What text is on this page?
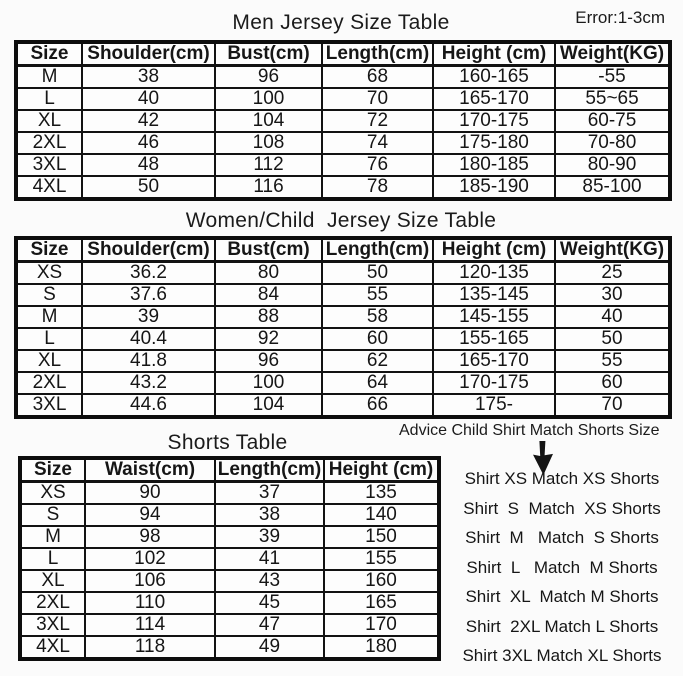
Men Jersey Size Table	Error:1-3cm
Size	Shoulder(cm)	Bust(cm)	Length(cm)	Height (cm)	Weight(KG)
M	38	96	68	160-165	-55
L	40	100	70	165-170	55~65
XL	42	104	72	170-175	60-75
2XL	46	108	74	175-180	70-80
3XL	48	112	76	180-185	80-90
4XL	50	116	78	185-190	85-100
Women/Child  Jersey Size Table
Size	Shoulder(cm)	Bust(cm)	Length(cm)	Height (cm)	Weight(KG)
XS	36.2	80	50	120-135	25
S	37.6	84	55	135-145	30
M	39	88	58	145-155	40
L	40.4	92	60	155-165	50
XL	41.8	96	62	165-170	55
2XL	43.2	100	64	170-175	60
3XL	44.6	104	66	175-	70
Shorts Table
Size	Waist(cm)	Length(cm)	Height (cm)
XS	90	37	135
S	94	38	140
M	98	39	150
L	102	41	155
XL	106	43	160
2XL	110	45	165
3XL	114	47	170
4XL	118	49	180
Advice Child Shirt Match Shorts Size
Shirt XS Match XS Shorts
Shirt  S  Match  XS Shorts
Shirt  M   Match  S Shorts
Shirt  L   Match  M Shorts
Shirt  XL  Match M Shorts
Shirt  2XL Match L Shorts
Shirt 3XL Match XL Shorts
